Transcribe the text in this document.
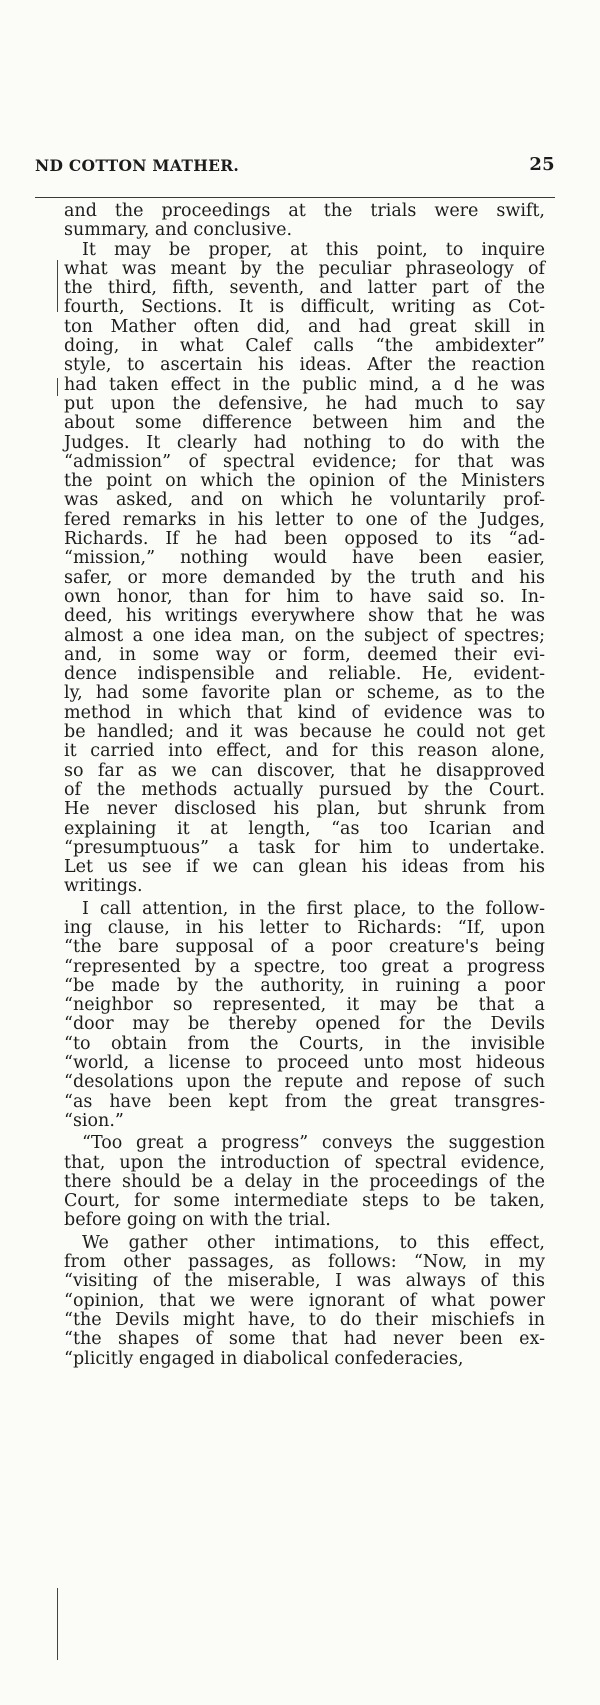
ND COTTON MATHER.	25

and the proceedings at the trials were swift,

summary, and conclusive.

It may be proper, at this point, to inquire

what was meant by the peculiar phraseology of

the third, fifth, seventh, and latter part of the

fourth, Sections. It is difficult, writing as Cot-

ton Mather often did, and had great skill in

doing, in what Calef calls “the ambidexter”

style, to ascertain his ideas. After the reaction

had taken effect in the public mind, a d he was

put upon the defensive, he had much to say

about some difference between him and the

Judges. It clearly had nothing to do with the

“admission” of spectral evidence; for that was

the point on which the opinion of the Ministers

was asked, and on which he voluntarily prof-

fered remarks in his letter to one of the Judges,

Richards. If he had been opposed to its “ad-

“mission,” nothing would have been easier,

safer, or more demanded by the truth and his

own honor, than for him to have said so. In-

deed, his writings everywhere show that he was

almost a one idea man, on the subject of spectres;

and, in some way or form, deemed their evi-

dence indispensible and reliable. He, evident-

ly, had some favorite plan or scheme, as to the

method in which that kind of evidence was to

be handled; and it was because he could not get

it carried into effect, and for this reason alone,

so far as we can discover, that he disapproved

of the methods actually pursued by the Court.

He never disclosed his plan, but shrunk from

explaining it at length, “as too Icarian and

“presumptuous” a task for him to undertake.

Let us see if we can glean his ideas from his

writings.

I call attention, in the first place, to the follow-

ing clause, in his letter to Richards: “If, upon

“the bare supposal of a poor creature's being

“represented by a spectre, too great a progress

“be made by the authority, in ruining a poor

“neighbor so represented, it may be that a

“door may be thereby opened for the Devils

“to obtain from the Courts, in the invisible

“world, a license to proceed unto most hideous

“desolations upon the repute and repose of such

“as have been kept from the great transgres-

“sion.”

“Too great a progress” conveys the suggestion

that, upon the introduction of spectral evidence,

there should be a delay in the proceedings of the

Court, for some intermediate steps to be taken,

before going on with the trial.

We gather other intimations, to this effect,

from other passages, as follows: “Now, in my

“visiting of the miserable, I was always of this

“opinion, that we were ignorant of what power

“the Devils might have, to do their mischiefs in

“the shapes of some that had never been ex-

“plicitly engaged in diabolical confederacies,
